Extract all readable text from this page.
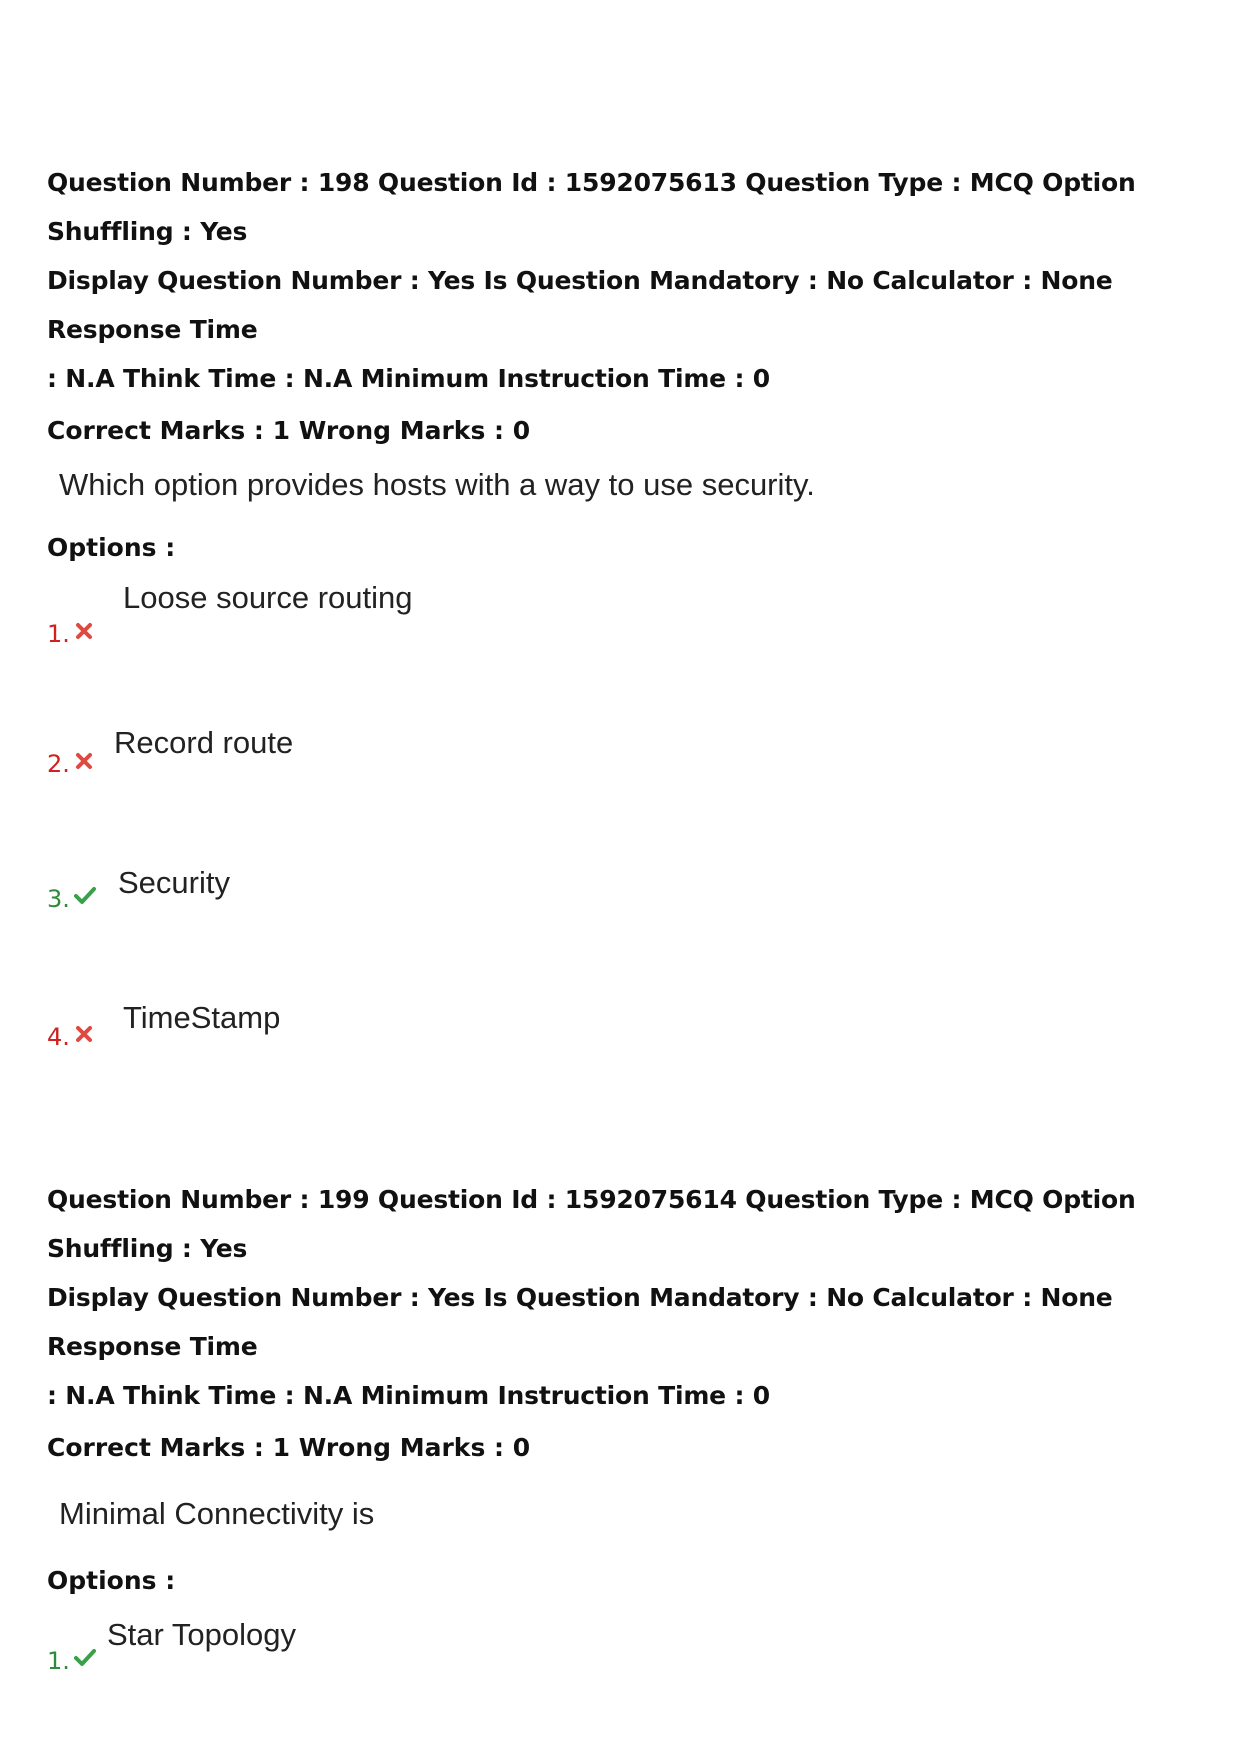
Question Number : 198 Question Id : 1592075613 Question Type : MCQ Option Shuffling : Yes
Display Question Number : Yes Is Question Mandatory : No Calculator : None Response Time
: N.A Think Time : N.A Minimum Instruction Time : 0
Correct Marks : 1 Wrong Marks : 0
Which option provides hosts with a way to use security.
Options :
1.
Loose source routing
2.
Record route
3. Security
4.
TimeStamp
Question Number : 199 Question Id : 1592075614 Question Type : MCQ Option Shuffling : Yes
Display Question Number : Yes Is Question Mandatory : No Calculator : None Response Time
: N.A Think Time : N.A Minimum Instruction Time : 0
Correct Marks : 1 Wrong Marks : 0
Minimal Connectivity is
Options :
1.
Star Topology
